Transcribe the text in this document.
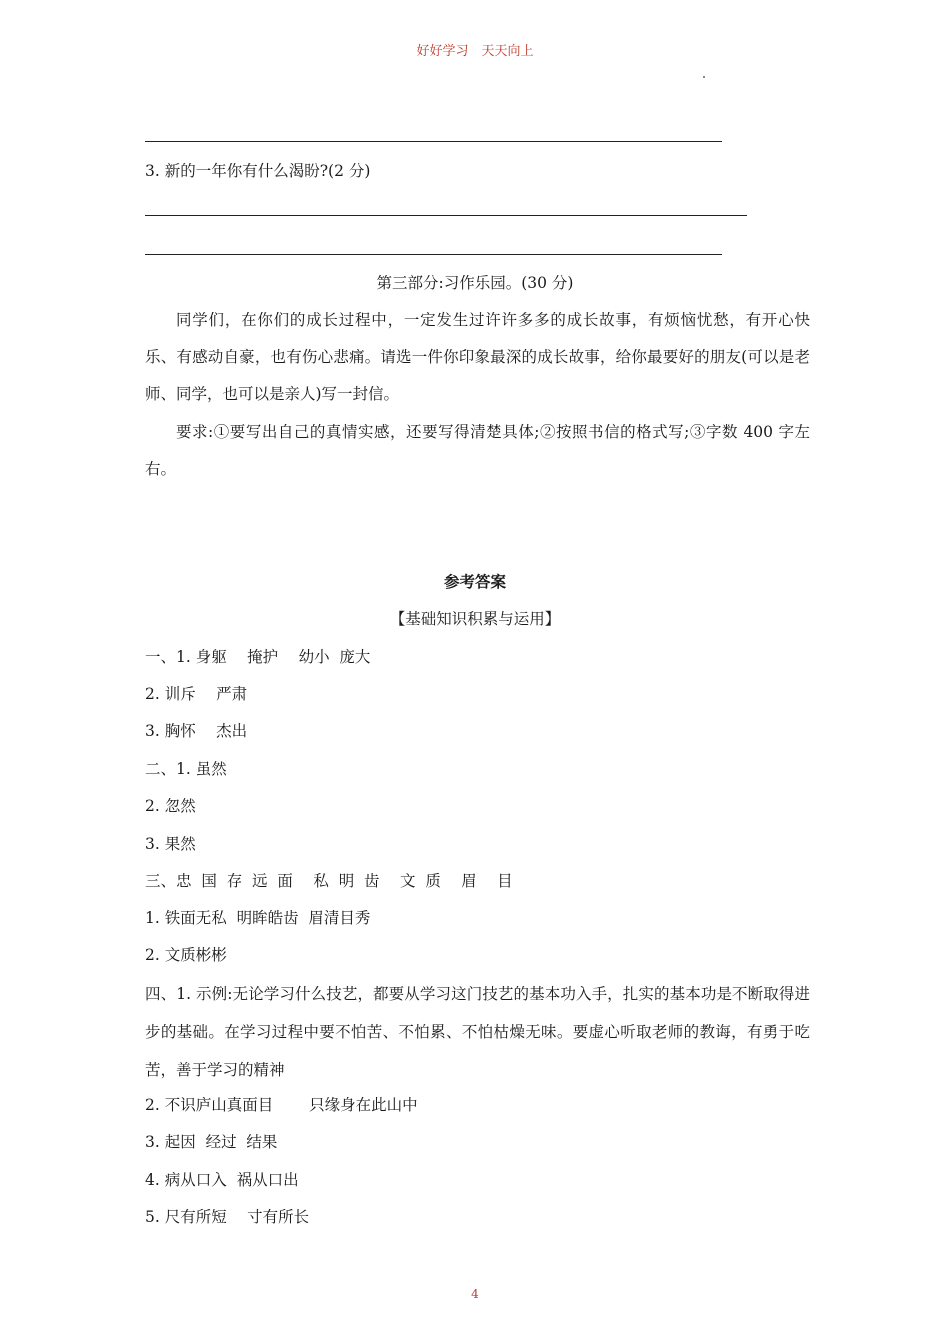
好好学习　天天向上
3. 新的一年你有什么渴盼?(2 分)
第三部分:习作乐园。(30 分)

同学们，在你们的成长过程中，一定发生过许许多多的成长故事，有烦恼忧愁，有开心快乐、有感动自豪，也有伤心悲痛。请选一件你印象最深的成长故事，给你最要好的朋友(可以是老师、同学，也可以是亲人)写一封信。

要求:①要写出自己的真情实感，还要写得清楚具体;②按照书信的格式写;③字数 400 字左右。

参考答案
【基础知识积累与运用】
一、1. 身躯　 掩护　 幼小  庞大
2. 训斥　 严肃
3. 胸怀　 杰出
二、1. 虽然
2. 忽然
3. 果然
三、忠  国  存  远  面　 私  明  齿　 文  质　 眉　 目
1. 铁面无私  明眸皓齿  眉清目秀
2. 文质彬彬

四、1. 示例:无论学习什么技艺，都要从学习这门技艺的基本功入手，扎实的基本功是不断取得进步的基础。在学习过程中要不怕苦、不怕累、不怕枯燥无味。要虚心听取老师的教诲，有勇于吃苦，善于学习的精神

2. 不识庐山真面目　　 只缘身在此山中
3. 起因  经过  结果
4. 病从口入  祸从口出
5. 尺有所短　 寸有所长
4
